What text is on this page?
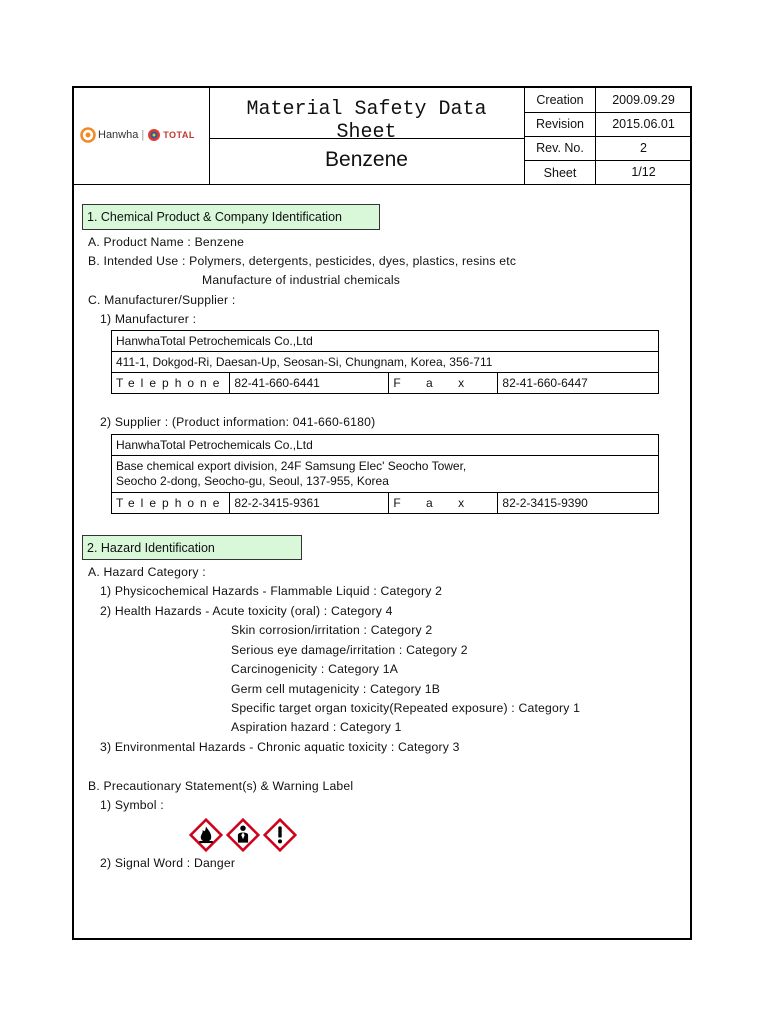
Hanwha | TOTAL
Material Safety Data Sheet
Benzene
Creation	2009.09.29
Revision	2015.06.01
Rev. No.	2
Sheet	1/12
1. Chemical Product & Company Identification
A. Product Name : Benzene
B. Intended Use : Polymers, detergents, pesticides, dyes, plastics, resins etc
Manufacture of industrial chemicals
C. Manufacturer/Supplier :
1) Manufacturer :
HanwhaTotal Petrochemicals Co.,Ltd
411-1, Dokgod-Ri, Daesan-Up, Seosan-Si, Chungnam, Korea, 356-711
Telephone	82-41-660-6441	F a x	82-41-660-6447
2) Supplier : (Product information: 041-660-6180)
HanwhaTotal Petrochemicals Co.,Ltd

Base chemical export division, 24F Samsung Elec' Seocho Tower,
Seocho 2-dong, Seocho-gu, Seoul, 137-955, Korea

Telephone	82-2-3415-9361	F a x	82-2-3415-9390
2. Hazard Identification
A. Hazard Category :
1) Physicochemical Hazards - Flammable Liquid : Category 2
2) Health Hazards - Acute toxicity (oral) : Category 4
Skin corrosion/irritation : Category 2
Serious eye damage/irritation : Category 2
Carcinogenicity : Category 1A
Germ cell mutagenicity : Category 1B
Specific target organ toxicity(Repeated exposure) : Category 1
Aspiration hazard : Category 1
3) Environmental Hazards - Chronic aquatic toxicity : Category 3
B. Precautionary Statement(s) & Warning Label
1) Symbol :
2) Signal Word : Danger
